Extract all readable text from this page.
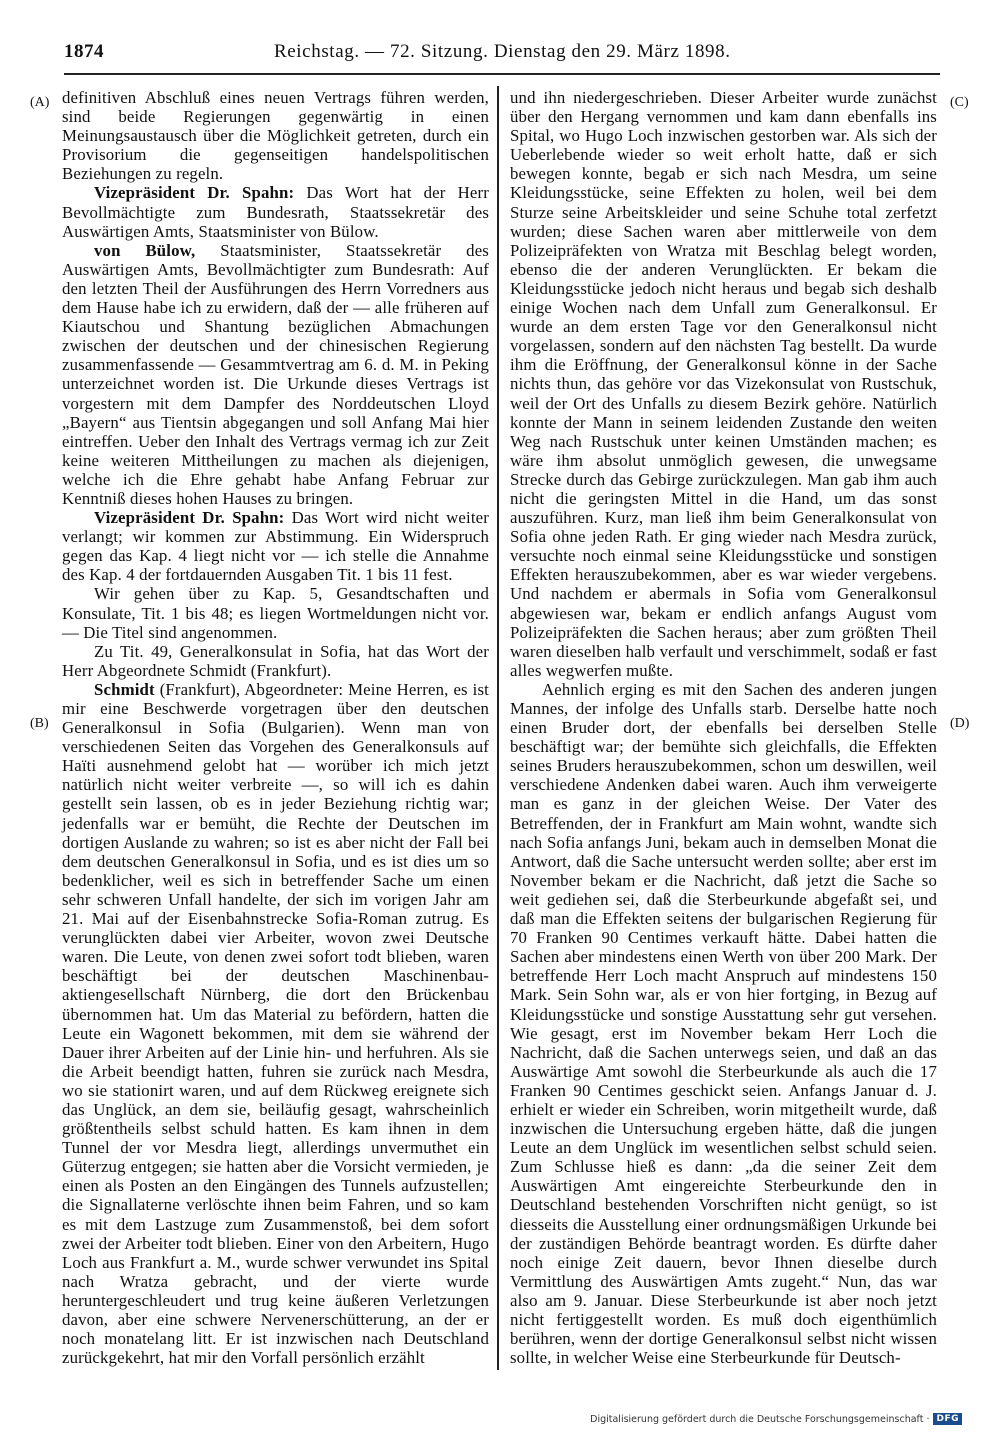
1874	Reichstag. — 72. Sitzung. Dienstag den 29. März 1898.
(A)
(B)
(C)
(D)

definitiven Abschluß eines neuen Vertrags führen werden, sind beide Regierungen gegenwärtig in einen Meinungsaustausch über die Möglichkeit getreten, durch ein Provisorium die gegenseitigen handelspolitischen Beziehungen zu regeln.

Vizepräsident Dr. Spahn: Das Wort hat der Herr Bevollmächtigte zum Bundesrath, Staatssekretär des Auswärtigen Amts, Staatsminister von Bülow.

von Bülow, Staatsminister, Staatssekretär des Auswärtigen Amts, Bevollmächtigter zum Bundesrath: Auf den letzten Theil der Ausführungen des Herrn Vorredners aus dem Hause habe ich zu erwidern, daß der — alle früheren auf Kiautschou und Shantung bezüglichen Abmachungen zwischen der deutschen und der chinesischen Regierung zusammenfassende — Gesammtvertrag am 6. d. M. in Peking unterzeichnet worden ist. Die Urkunde dieses Vertrags ist vorgestern mit dem Dampfer des Norddeutschen Lloyd „Bayern“ aus Tientsin abgegangen und soll Anfang Mai hier eintreffen. Ueber den Inhalt des Vertrags vermag ich zur Zeit keine weiteren Mittheilungen zu machen als diejenigen, welche ich die Ehre gehabt habe Anfang Februar zur Kenntniß dieses hohen Hauses zu bringen.

Vizepräsident Dr. Spahn: Das Wort wird nicht weiter verlangt; wir kommen zur Abstimmung. Ein Widerspruch gegen das Kap. 4 liegt nicht vor — ich stelle die Annahme des Kap. 4 der fortdauernden Ausgaben Tit. 1 bis 11 fest.

Wir gehen über zu Kap. 5, Gesandtschaften und Konsulate, Tit. 1 bis 48; es liegen Wortmeldungen nicht vor. — Die Titel sind angenommen.

Zu Tit. 49, Generalkonsulat in Sofia, hat das Wort der Herr Abgeordnete Schmidt (Frankfurt).

Schmidt (Frankfurt), Abgeordneter: Meine Herren, es ist mir eine Beschwerde vorgetragen über den deutschen Generalkonsul in Sofia (Bulgarien). Wenn man von verschiedenen Seiten das Vorgehen des Generalkonsuls auf Haïti ausnehmend gelobt hat — worüber ich mich jetzt natürlich nicht weiter verbreite —, so will ich es dahin gestellt sein lassen, ob es in jeder Beziehung richtig war; jedenfalls war er bemüht, die Rechte der Deutschen im dortigen Auslande zu wahren; so ist es aber nicht der Fall bei dem deutschen Generalkonsul in Sofia, und es ist dies um so bedenklicher, weil es sich in betreffender Sache um einen sehr schweren Unfall handelte, der sich im vorigen Jahr am 21. Mai auf der Eisenbahnstrecke Sofia-Roman zutrug. Es verunglückten dabei vier Arbeiter, wovon zwei Deutsche waren. Die Leute, von denen zwei sofort todt blieben, waren beschäftigt bei der deutschen Maschinenbau-aktiengesellschaft Nürnberg, die dort den Brückenbau übernommen hat. Um das Material zu befördern, hatten die Leute ein Wagonett bekommen, mit dem sie während der Dauer ihrer Arbeiten auf der Linie hin- und herfuhren. Als sie die Arbeit beendigt hatten, fuhren sie zurück nach Mesdra, wo sie stationirt waren, und auf dem Rückweg ereignete sich das Unglück, an dem sie, beiläufig gesagt, wahrscheinlich größtentheils selbst schuld hatten. Es kam ihnen in dem Tunnel der vor Mesdra liegt, allerdings unvermuthet ein Güterzug entgegen; sie hatten aber die Vorsicht vermieden, je einen als Posten an den Eingängen des Tunnels aufzustellen; die Signallaterne verlöschte ihnen beim Fahren, und so kam es mit dem Lastzuge zum Zusammenstoß, bei dem sofort zwei der Arbeiter todt blieben. Einer von den Arbeitern, Hugo Loch aus Frankfurt a. M., wurde schwer verwundet ins Spital nach Wratza gebracht, und der vierte wurde heruntergeschleudert und trug keine äußeren Verletzungen davon, aber eine schwere Nervenerschütterung, an der er noch monatelang litt. Er ist inzwischen nach Deutschland zurückgekehrt, hat mir den Vorfall persönlich erzählt

und ihn niedergeschrieben. Dieser Arbeiter wurde zunächst über den Hergang vernommen und kam dann ebenfalls ins Spital, wo Hugo Loch inzwischen gestorben war. Als sich der Ueberlebende wieder so weit erholt hatte, daß er sich bewegen konnte, begab er sich nach Mesdra, um seine Kleidungsstücke, seine Effekten zu holen, weil bei dem Sturze seine Arbeitskleider und seine Schuhe total zerfetzt wurden; diese Sachen waren aber mittlerweile von dem Polizeipräfekten von Wratza mit Beschlag belegt worden, ebenso die der anderen Verunglückten. Er bekam die Kleidungsstücke jedoch nicht heraus und begab sich deshalb einige Wochen nach dem Unfall zum Generalkonsul. Er wurde an dem ersten Tage vor den Generalkonsul nicht vorgelassen, sondern auf den nächsten Tag bestellt. Da wurde ihm die Eröffnung, der Generalkonsul könne in der Sache nichts thun, das gehöre vor das Vizekonsulat von Rustschuk, weil der Ort des Unfalls zu diesem Bezirk gehöre. Natürlich konnte der Mann in seinem leidenden Zustande den weiten Weg nach Rustschuk unter keinen Umständen machen; es wäre ihm absolut unmöglich gewesen, die unwegsame Strecke durch das Gebirge zurückzulegen. Man gab ihm auch nicht die geringsten Mittel in die Hand, um das sonst auszuführen. Kurz, man ließ ihm beim Generalkonsulat von Sofia ohne jeden Rath. Er ging wieder nach Mesdra zurück, versuchte noch einmal seine Kleidungsstücke und sonstigen Effekten herauszubekommen, aber es war wieder vergebens. Und nachdem er abermals in Sofia vom Generalkonsul abgewiesen war, bekam er endlich anfangs August vom Polizeipräfekten die Sachen heraus; aber zum größten Theil waren dieselben halb verfault und verschimmelt, sodaß er fast alles wegwerfen mußte.

Aehnlich erging es mit den Sachen des anderen jungen Mannes, der infolge des Unfalls starb. Derselbe hatte noch einen Bruder dort, der ebenfalls bei derselben Stelle beschäftigt war; der bemühte sich gleichfalls, die Effekten seines Bruders herauszubekommen, schon um deswillen, weil verschiedene Andenken dabei waren. Auch ihm verweigerte man es ganz in der gleichen Weise. Der Vater des Betreffenden, der in Frankfurt am Main wohnt, wandte sich nach Sofia anfangs Juni, bekam auch in demselben Monat die Antwort, daß die Sache untersucht werden sollte; aber erst im November bekam er die Nachricht, daß jetzt die Sache so weit gediehen sei, daß die Sterbeurkunde abgefaßt sei, und daß man die Effekten seitens der bulgarischen Regierung für 70 Franken 90 Centimes verkauft hätte. Dabei hatten die Sachen aber mindestens einen Werth von über 200 Mark. Der betreffende Herr Loch macht Anspruch auf mindestens 150 Mark. Sein Sohn war, als er von hier fortging, in Bezug auf Kleidungsstücke und sonstige Ausstattung sehr gut versehen. Wie gesagt, erst im November bekam Herr Loch die Nachricht, daß die Sachen unterwegs seien, und daß an das Auswärtige Amt sowohl die Sterbeurkunde als auch die 17 Franken 90 Centimes geschickt seien. Anfangs Januar d. J. erhielt er wieder ein Schreiben, worin mitgetheilt wurde, daß inzwischen die Untersuchung ergeben hätte, daß die jungen Leute an dem Unglück im wesentlichen selbst schuld seien. Zum Schlusse hieß es dann: „da die seiner Zeit dem Auswärtigen Amt eingereichte Sterbeurkunde den in Deutschland bestehenden Vorschriften nicht genügt, so ist diesseits die Ausstellung einer ordnungsmäßigen Urkunde bei der zuständigen Behörde beantragt worden. Es dürfte daher noch einige Zeit dauern, bevor Ihnen dieselbe durch Vermittlung des Auswärtigen Amts zugeht.“ Nun, das war also am 9. Januar. Diese Sterbeurkunde ist aber noch jetzt nicht fertiggestellt worden. Es muß doch eigenthümlich berühren, wenn der dortige Generalkonsul selbst nicht wissen sollte, in welcher Weise eine Sterbeurkunde für Deutsch-

Digitalisierung gefördert durch die Deutsche Forschungsgemeinschaft · DFG
